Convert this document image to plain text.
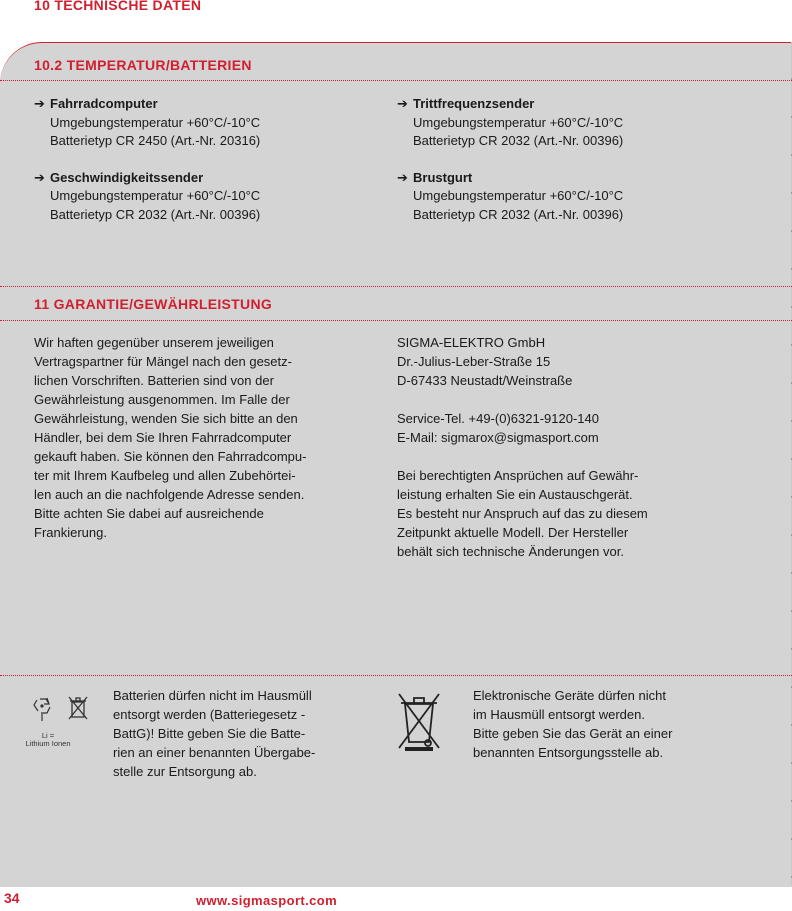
10 TECHNISCHE DATEN
10.2 TEMPERATUR/BATTERIEN
➔ Fahrradcomputer
Umgebungstemperatur +60°C/-10°C
Batterietyp CR 2450 (Art.-Nr. 20316)
➔ Geschwindigkeitssender
Umgebungstemperatur +60°C/-10°C
Batterietyp CR 2032 (Art.-Nr. 00396)
➔ Trittfrequenzsender
Umgebungstemperatur +60°C/-10°C
Batterietyp CR 2032 (Art.-Nr. 00396)
➔ Brustgurt
Umgebungstemperatur +60°C/-10°C
Batterietyp CR 2032 (Art.-Nr. 00396)
11 GARANTIE/GEWÄHRLEISTUNG
Wir haften gegenüber unserem jeweiligen
Vertragspartner für Mängel nach den gesetz-
lichen Vorschriften. Batterien sind von der
Gewährleistung ausgenommen. Im Falle der
Gewährleistung, wenden Sie sich bitte an den
Händler, bei dem Sie Ihren Fahrradcomputer
gekauft haben. Sie können den Fahrradcompu-
ter mit Ihrem Kaufbeleg und allen Zubehörtei-
len auch an die nachfolgende Adresse senden.
Bitte achten Sie dabei auf ausreichende
Frankierung.
SIGMA-ELEKTRO GmbH
Dr.-Julius-Leber-Straße 15
D-67433 Neustadt/Weinstraße
Service-Tel. +49-(0)6321-9120-140
E-Mail: sigmarox@sigmasport.com
Bei berechtigten Ansprüchen auf Gewähr-
leistung erhalten Sie ein Austauschgerät.
Es besteht nur Anspruch auf das zu diesem
Zeitpunkt aktuelle Modell. Der Hersteller
behält sich technische Änderungen vor.
Li =
Lithium Ionen
Batterien dürfen nicht im Hausmüll
entsorgt werden (Batteriegesetz -
BattG)! Bitte geben Sie die Batte-
rien an einer benannten Übergabe-
stelle zur Entsorgung ab.
Elektronische Geräte dürfen nicht
im Hausmüll entsorgt werden.
Bitte geben Sie das Gerät an einer
benannten Entsorgungsstelle ab.
34	www.sigmasport.com
